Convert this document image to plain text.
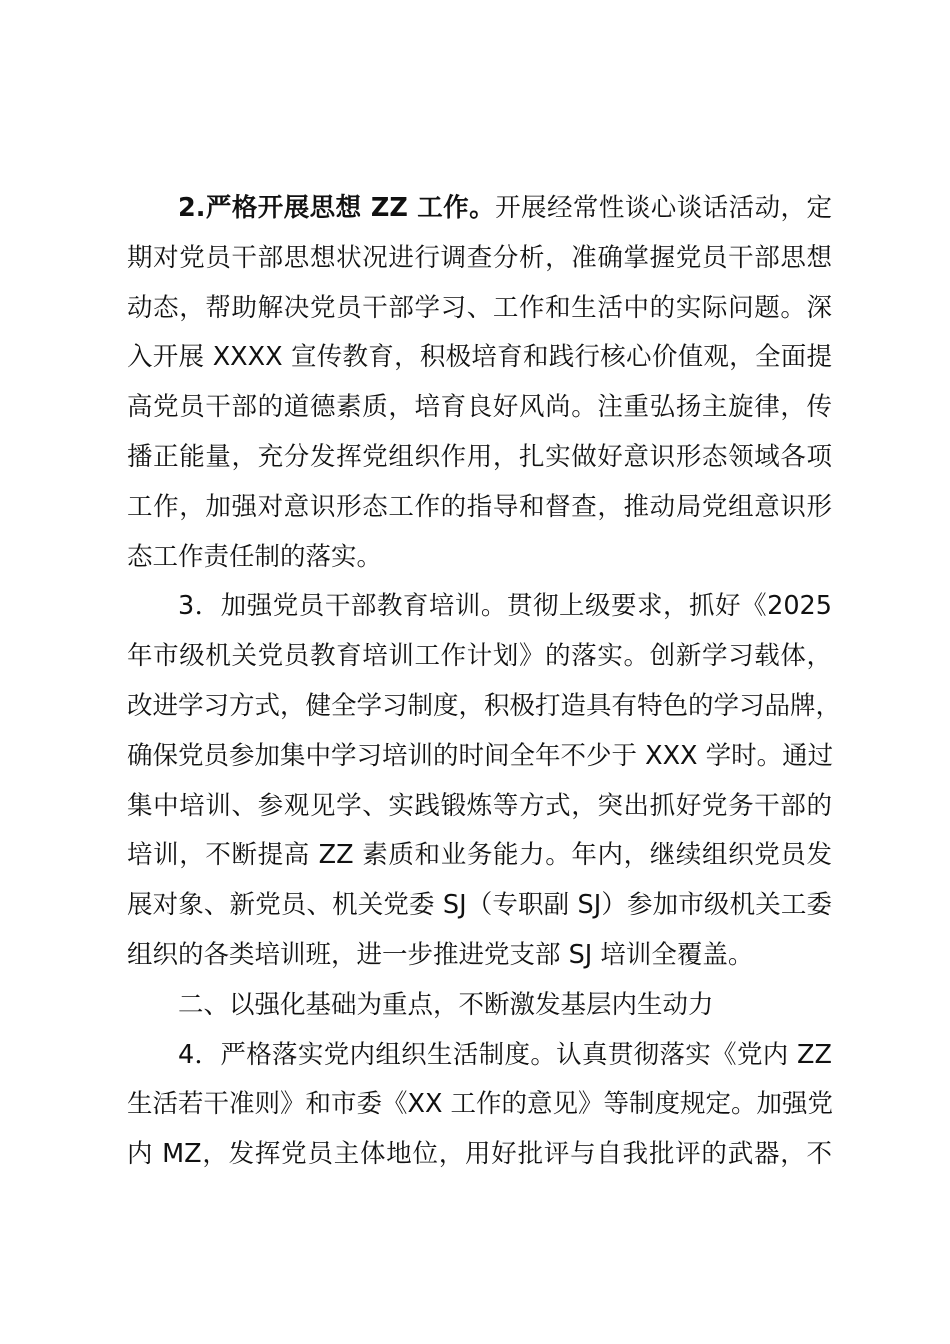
2.严格开展思想 ZZ 工作。开展经常性谈心谈话活动，定
期对党员干部思想状况进行调查分析，准确掌握党员干部思想
动态，帮助解决党员干部学习、工作和生活中的实际问题。深
入开展 XXXX 宣传教育，积极培育和践行核心价值观，全面提
高党员干部的道德素质，培育良好风尚。注重弘扬主旋律，传
播正能量，充分发挥党组织作用，扎实做好意识形态领域各项
工作，加强对意识形态工作的指导和督查，推动局党组意识形
态工作责任制的落实。

3．加强党员干部教育培训。贯彻上级要求，抓好《2025
年市级机关党员教育培训工作计划》的落实。创新学习载体，
改进学习方式，健全学习制度，积极打造具有特色的学习品牌，
确保党员参加集中学习培训的时间全年不少于 XXX 学时。通过
集中培训、参观见学、实践锻炼等方式，突出抓好党务干部的
培训，不断提高 ZZ 素质和业务能力。年内，继续组织党员发
展对象、新党员、机关党委 SJ（专职副 SJ）参加市级机关工委
组织的各类培训班，进一步推进党支部 SJ 培训全覆盖。

二、以强化基础为重点，不断激发基层内生动力

4．严格落实党内组织生活制度。认真贯彻落实《党内 ZZ
生活若干准则》和市委《XX 工作的意见》等制度规定。加强党
内 MZ，发挥党员主体地位，用好批评与自我批评的武器，不
